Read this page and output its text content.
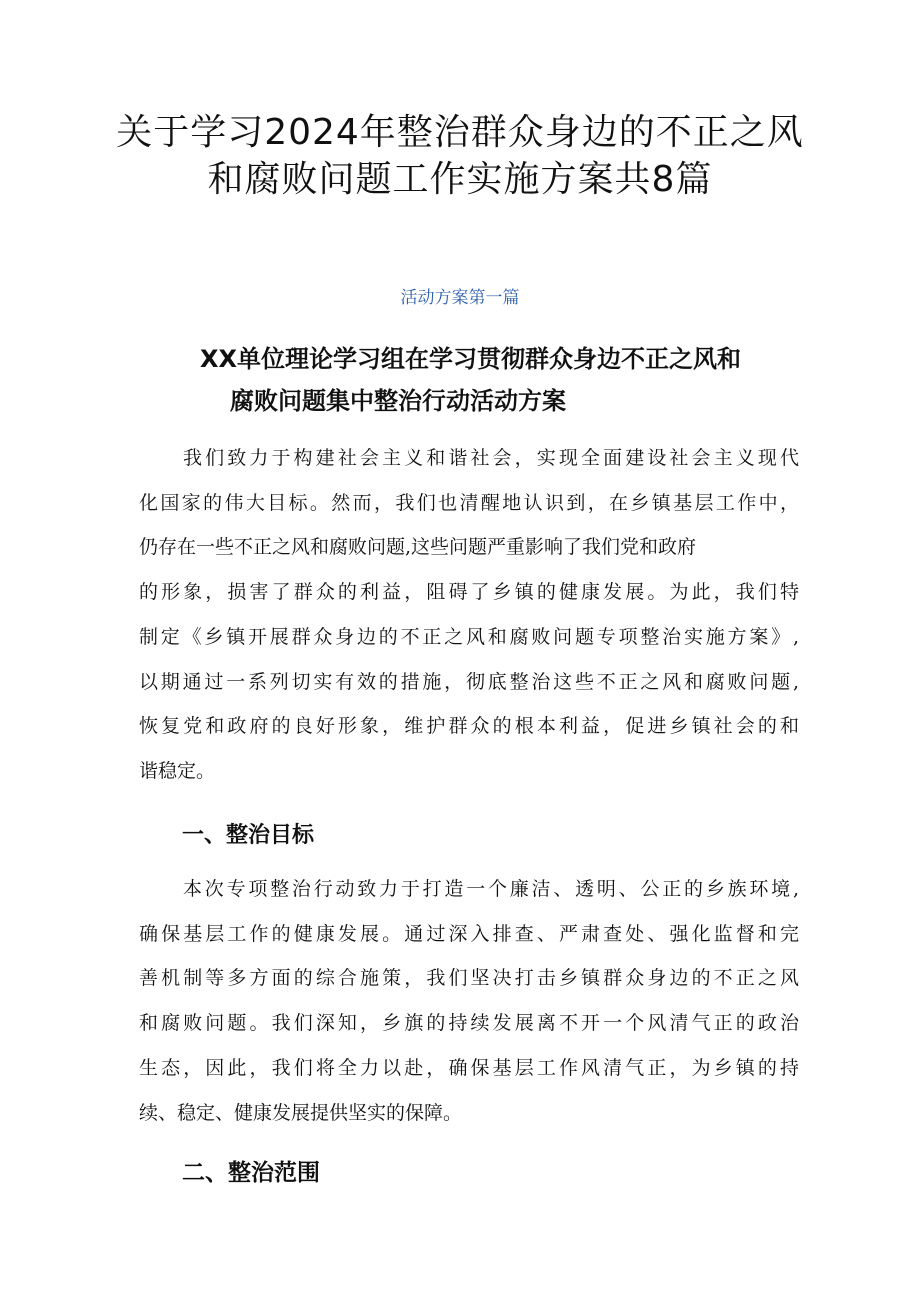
关于学习2024年整治群众身边的不正之风
和腐败问题工作实施方案共8篇

活动方案第一篇

XX单位理论学习组在学习贯彻群众身边不正之风和
腐败问题集中整治行动活动方案
我们致力于构建社会主义和谐社会，实现全面建设社会主义现代
化国家的伟大目标。然而，我们也清醒地认识到，在乡镇基层工作中，
仍存在一些不正之风和腐败问题,这些问题严重影响了我们党和政府
的形象，损害了群众的利益，阻碍了乡镇的健康发展。为此，我们特
制定《乡镇开展群众身边的不正之风和腐败问题专项整治实施方案》,
以期通过一系列切实有效的措施，彻底整治这些不正之风和腐败问题,
恢复党和政府的良好形象，维护群众的根本利益，促进乡镇社会的和
谐稳定。
一、整治目标
本次专项整治行动致力于打造一个廉洁、透明、公正的乡族环境,
确保基层工作的健康发展。通过深入排查、严肃查处、强化监督和完
善机制等多方面的综合施策，我们坚决打击乡镇群众身边的不正之风
和腐败问题。我们深知，乡旗的持续发展离不开一个风清气正的政治
生态，因此，我们将全力以赴，确保基层工作风清气正，为乡镇的持
续、稳定、健康发展提供坚实的保障。
二、整治范围
